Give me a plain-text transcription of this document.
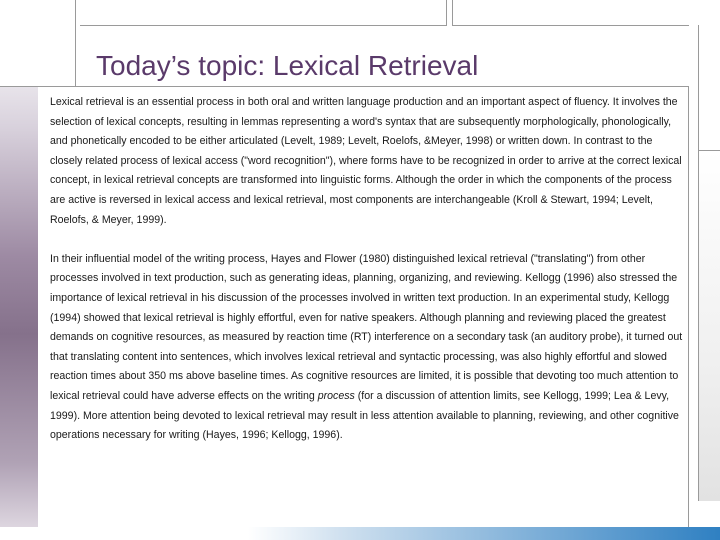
Today’s topic: Lexical Retrieval

Lexical retrieval is an essential process in both oral and written language production and an important aspect of fluency. It involves the selection of lexical concepts, resulting in lemmas representing a word's syntax that are subsequently morphologically, phonologically, and phonetically encoded to be either articulated (Levelt, 1989; Levelt, Roelofs, &Meyer, 1998) or written down. In contrast to the closely related process of lexical access ("word recognition"), where forms have to be recognized in order to arrive at the correct lexical concept, in lexical retrieval concepts are transformed into linguistic forms. Although the order in which the components of the process are active is reversed in lexical access and lexical retrieval, most components are interchangeable (Kroll & Stewart, 1994; Levelt, Roelofs, & Meyer, 1999).

In their influential model of the writing process, Hayes and Flower (1980) distinguished lexical retrieval ("translating") from other processes involved in text production, such as generating ideas, planning, organizing, and reviewing. Kellogg (1996) also stressed the importance of lexical retrieval in his discussion of the processes involved in written text production. In an experimental study, Kellogg (1994) showed that lexical retrieval is highly effortful, even for native speakers. Although planning and reviewing placed the greatest demands on cognitive resources, as measured by reaction time (RT) interference on a secondary task (an auditory probe), it turned out that translating content into sentences, which involves lexical retrieval and syntactic processing, was also highly effortful and slowed reaction times about 350 ms above baseline times. As cognitive resources are limited, it is possible that devoting too much attention to lexical retrieval could have adverse effects on the writing process (for a discussion of attention limits, see Kellogg, 1999; Lea & Levy, 1999). More attention being devoted to lexical retrieval may result in less attention available to planning, reviewing, and other cognitive operations necessary for writing (Hayes, 1996; Kellogg, 1996).
